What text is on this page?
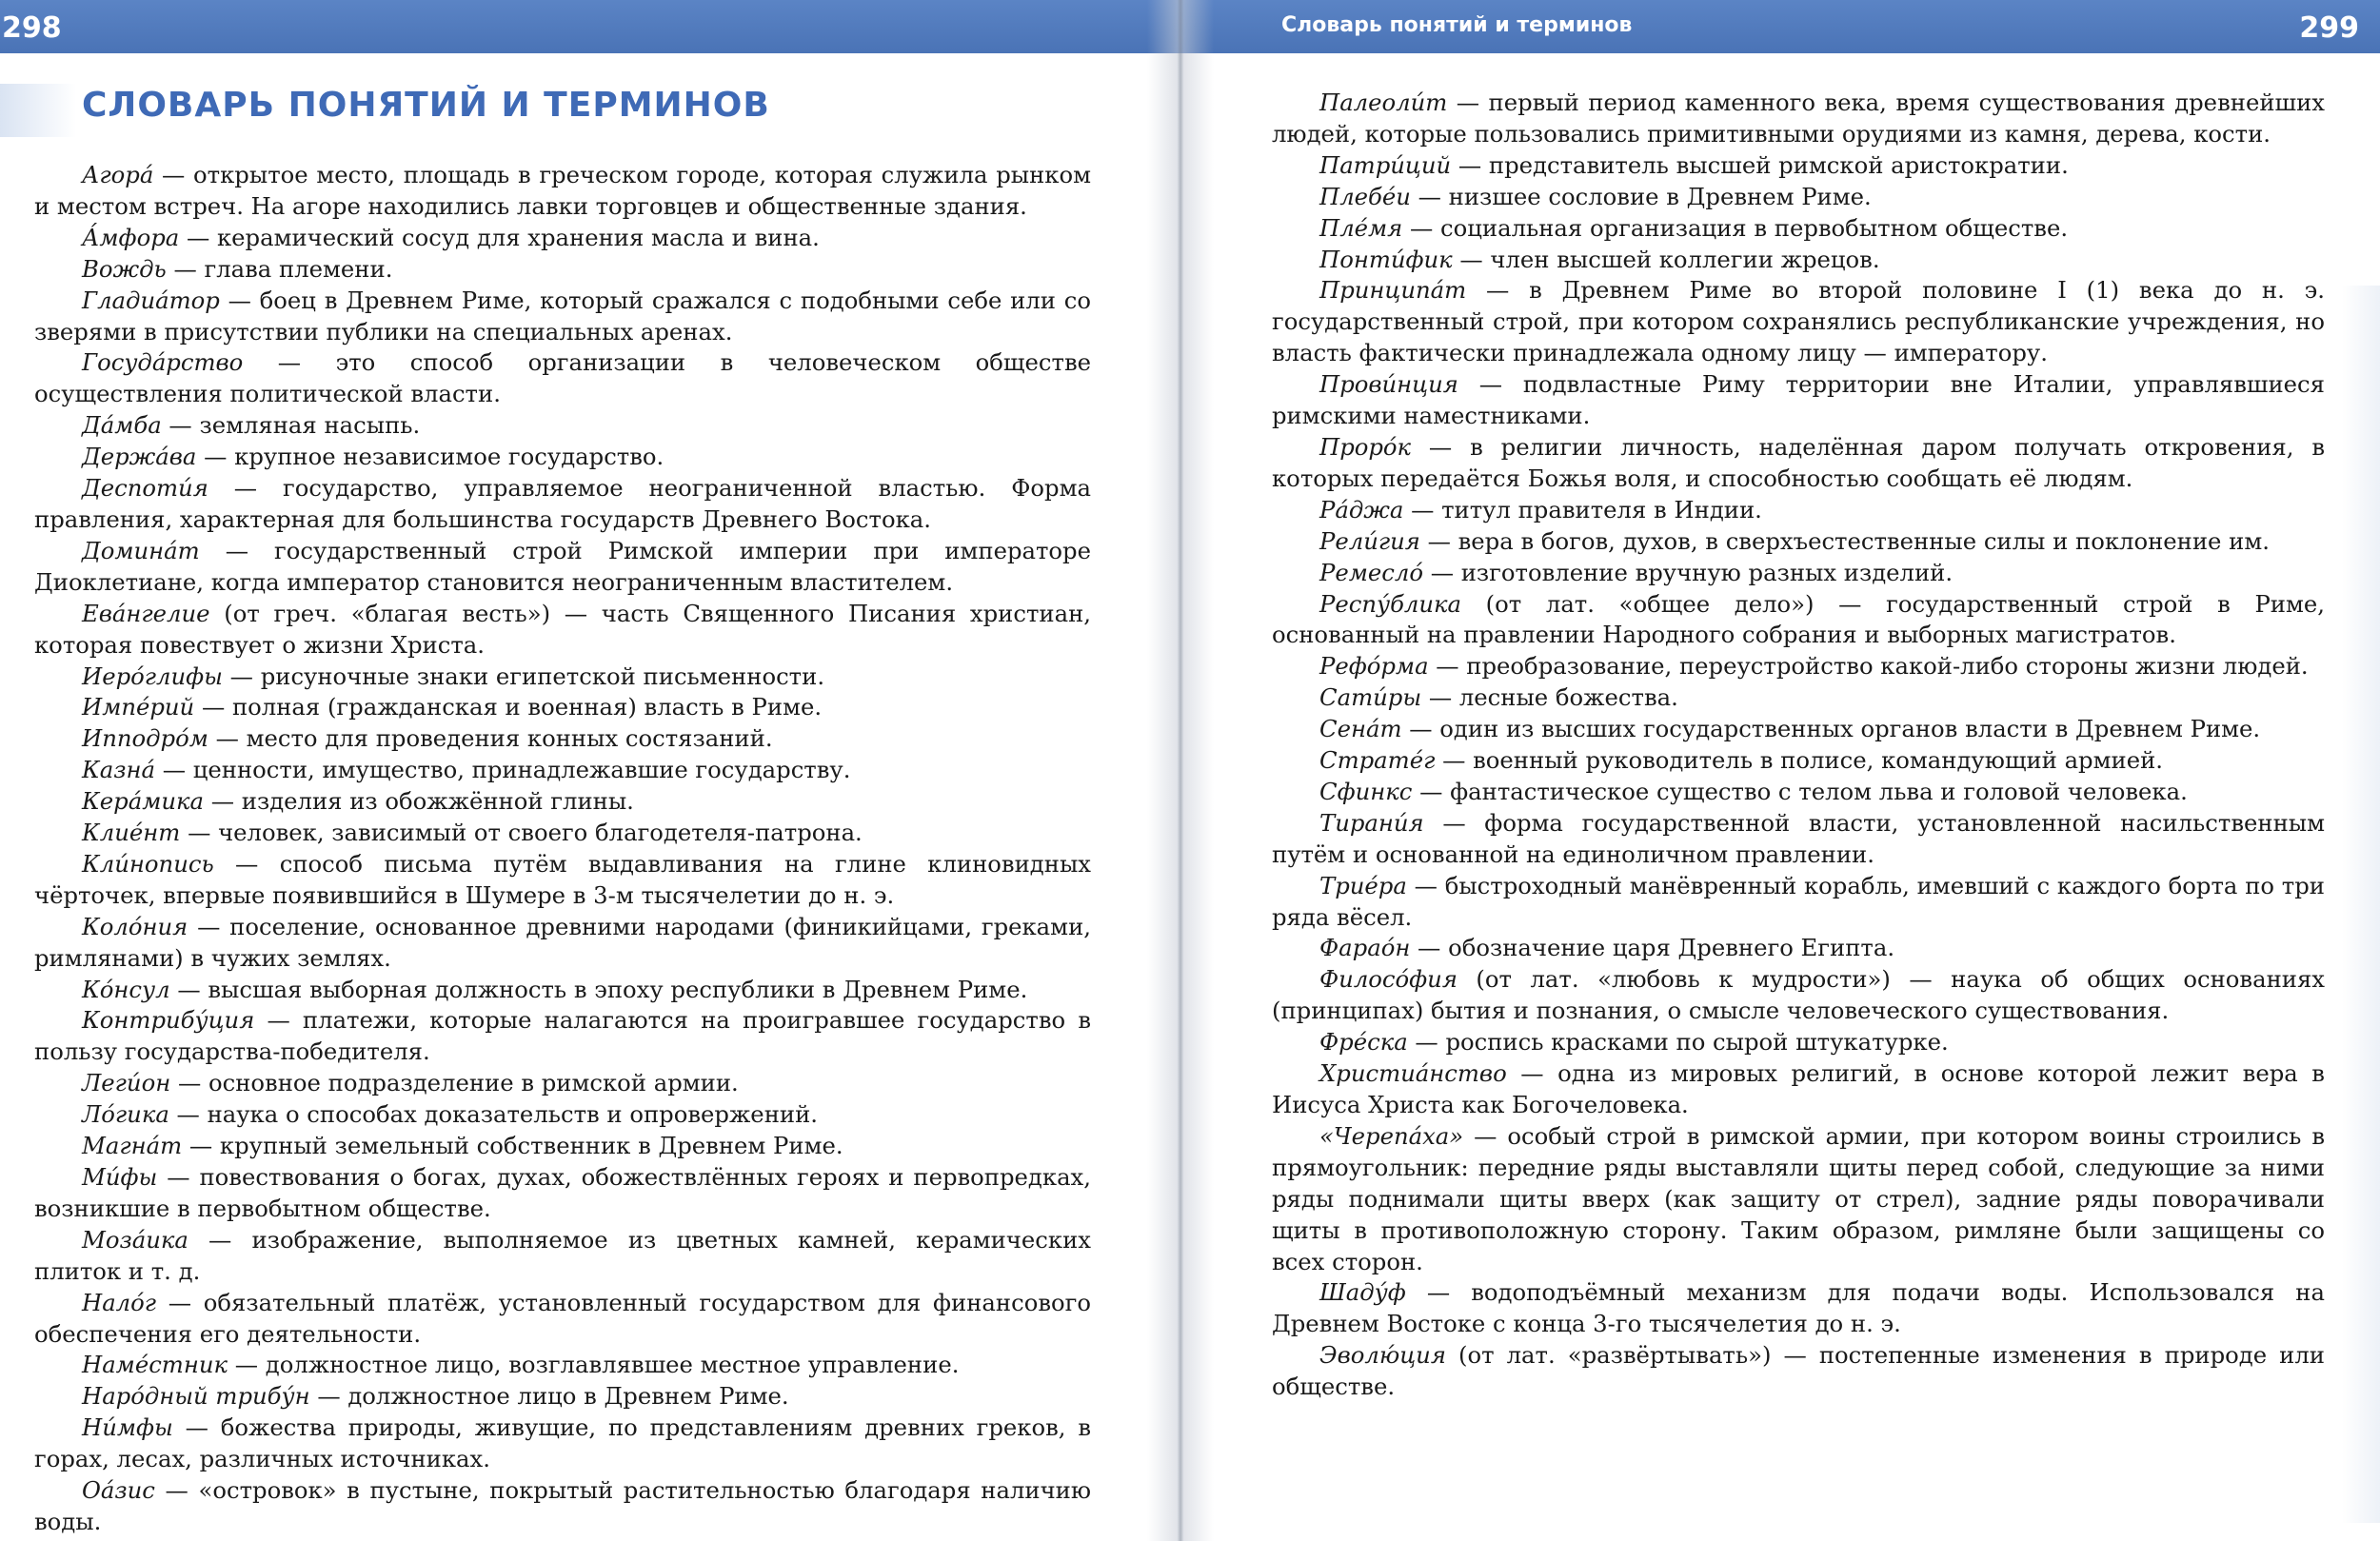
298
СЛОВАРЬ ПОНЯТИЙ И ТЕРМИНОВ
Агора́ — открытое место, площадь в греческом городе, которая служила рынком и местом встреч. На агоре находились лавки торговцев и общественные здания.
А́мфора — керамический сосуд для хранения масла и вина.
Вождь — глава племени.
Гладиа́тор — боец в Древнем Риме, который сражался с подобными себе или со зверями в присутствии публики на специальных аренах.
Госуда́рство — это способ организации в человеческом обществе осуществления политической власти.
Да́мба — земляная насыпь.
Держа́ва — крупное независимое государство.
Деспоти́я — государство, управляемое неограниченной властью. Форма правления, характерная для большинства государств Древнего Востока.
Домина́т — государственный строй Римской империи при императоре Диоклетиане, когда император становится неограниченным властителем.
Ева́нгелие (от греч. «благая весть») — часть Священного Писания христиан, которая повествует о жизни Христа.
Иеро́глифы — рисуночные знаки египетской письменности.
Импе́рий — полная (гражданская и военная) власть в Риме.
Ипподро́м — место для проведения конных состязаний.
Казна́ — ценности, имущество, принадлежавшие государству.
Кера́мика — изделия из обожжённой глины.
Клие́нт — человек, зависимый от своего благодетеля-патрона.
Кли́нопись — способ письма путём выдавливания на глине клиновидных чёрточек, впервые появившийся в Шумере в 3-м тысячелетии до н. э.
Коло́ния — поселение, основанное древними народами (финикийцами, греками, римлянами) в чужих землях.
Ко́нсул — высшая выборная должность в эпоху республики в Древнем Риме.
Контрибу́ция — платежи, которые налагаются на проигравшее государство в пользу государства-победителя.
Леги́он — основное подразделение в римской армии.
Ло́гика — наука о способах доказательств и опровержений.
Магна́т — крупный земельный собственник в Древнем Риме.
Ми́фы — повествования о богах, духах, обожествлённых героях и первопредках, возникшие в первобытном обществе.
Моза́ика — изображение, выполняемое из цветных камней, керамических плиток и т. д.
Нало́г — обязательный платёж, установленный государством для финансового обеспечения его деятельности.
Наме́стник — должностное лицо, возглавлявшее местное управление.
Наро́дный трибу́н — должностное лицо в Древнем Риме.
Ни́мфы — божества природы, живущие, по представлениям древних греков, в горах, лесах, различных источниках.
Оа́зис — «островок» в пустыне, покрытый растительностью благодаря наличию воды.
Словарь понятий и терминов	299
Палеоли́т — первый период каменного века, время существования древнейших людей, которые пользовались примитивными орудиями из камня, дерева, кости.
Патри́ций — представитель высшей римской аристократии.
Плебе́и — низшее сословие в Древнем Риме.
Пле́мя — социальная организация в первобытном обществе.
Понти́фик — член высшей коллегии жрецов.
Принципа́т — в Древнем Риме во второй половине I (1) века до н. э. государственный строй, при котором сохранялись республиканские учреждения, но власть фактически принадлежала одному лицу — императору.
Прови́нция — подвластные Риму территории вне Италии, управлявшиеся римскими наместниками.
Проро́к — в религии личность, наделённая даром получать откровения, в которых передаётся Божья воля, и способностью сообщать её людям.
Ра́джа — титул правителя в Индии.
Рели́гия — вера в богов, духов, в сверхъестественные силы и поклонение им.
Ремесло́ — изготовление вручную разных изделий.
Респу́блика (от лат. «общее дело») — государственный строй в Риме, основанный на правлении Народного собрания и выборных магистратов.
Рефо́рма — преобразование, переустройство какой-либо стороны жизни людей.
Сати́ры — лесные божества.
Сена́т — один из высших государственных органов власти в Древнем Риме.
Страте́г — военный руководитель в полисе, командующий армией.
Сфинкс — фантастическое существо с телом льва и головой человека.
Тирани́я — форма государственной власти, установленной насильственным путём и основанной на единоличном правлении.
Трие́ра — быстроходный манёвренный корабль, имевший с каждого борта по три ряда вёсел.
Фарао́н — обозначение царя Древнего Египта.
Филосо́фия (от лат. «любовь к мудрости») — наука об общих основаниях (принципах) бытия и познания, о смысле человеческого существования.
Фре́ска — роспись красками по сырой штукатурке.
Христиа́нство — одна из мировых религий, в основе которой лежит вера в Иисуса Христа как Богочеловека.
«Черепа́ха» — особый строй в римской армии, при котором воины строились в прямоугольник: передние ряды выставляли щиты перед собой, следующие за ними ряды поднимали щиты вверх (как защиту от стрел), задние ряды поворачивали щиты в противоположную сторону. Таким образом, римляне были защищены со всех сторон.
Шаду́ф — водоподъёмный механизм для подачи воды. Использовался на Древнем Востоке с конца 3-го тысячелетия до н. э.
Эволю́ция (от лат. «развёртывать») — постепенные изменения в природе или обществе.
